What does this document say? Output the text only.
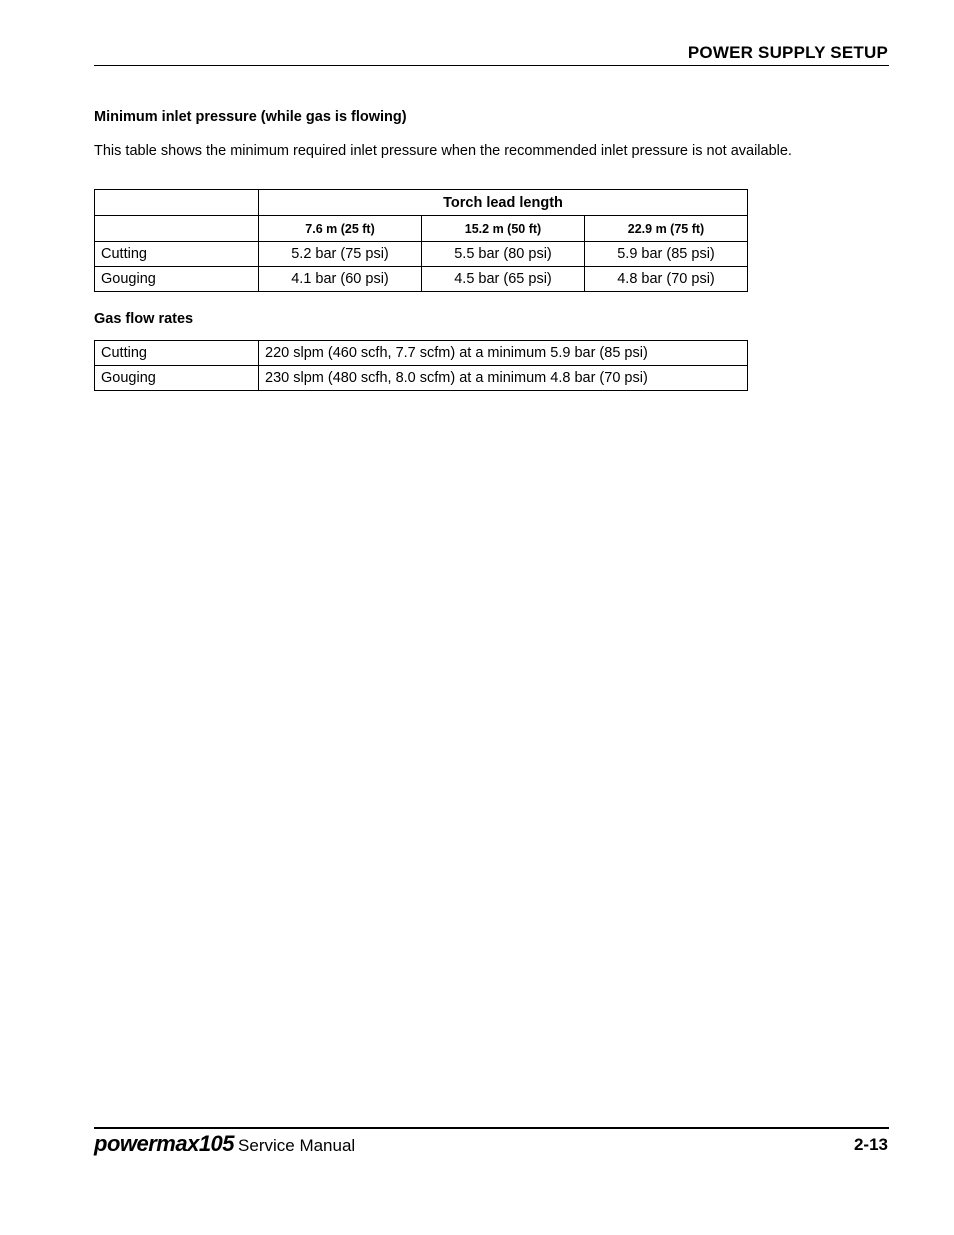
POWER SUPPLY SETUP
Minimum inlet pressure (while gas is flowing)
This table shows the minimum required inlet pressure when the recommended inlet pressure is not available.
	Torch lead length		
	7.6 m (25 ft)	15.2 m (50 ft)	22.9 m (75 ft)
Cutting	5.2 bar (75 psi)	5.5 bar (80 psi)	5.9 bar (85 psi)
Gouging	4.1 bar (60 psi)	4.5 bar (65 psi)	4.8 bar (70 psi)
Gas flow rates
Cutting	220 slpm (460 scfh, 7.7 scfm) at a minimum 5.9 bar (85 psi)
Gouging	230 slpm (480 scfh, 8.0 scfm) at a minimum 4.8 bar (70 psi)
powermax105 Service Manual	2-13
